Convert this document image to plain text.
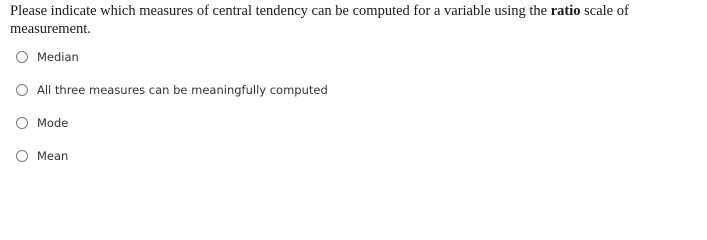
Please indicate which measures of central tendency can be computed for a variable using the ratio scale of measurement.

Median
All three measures can be meaningfully computed
Mode
Mean
